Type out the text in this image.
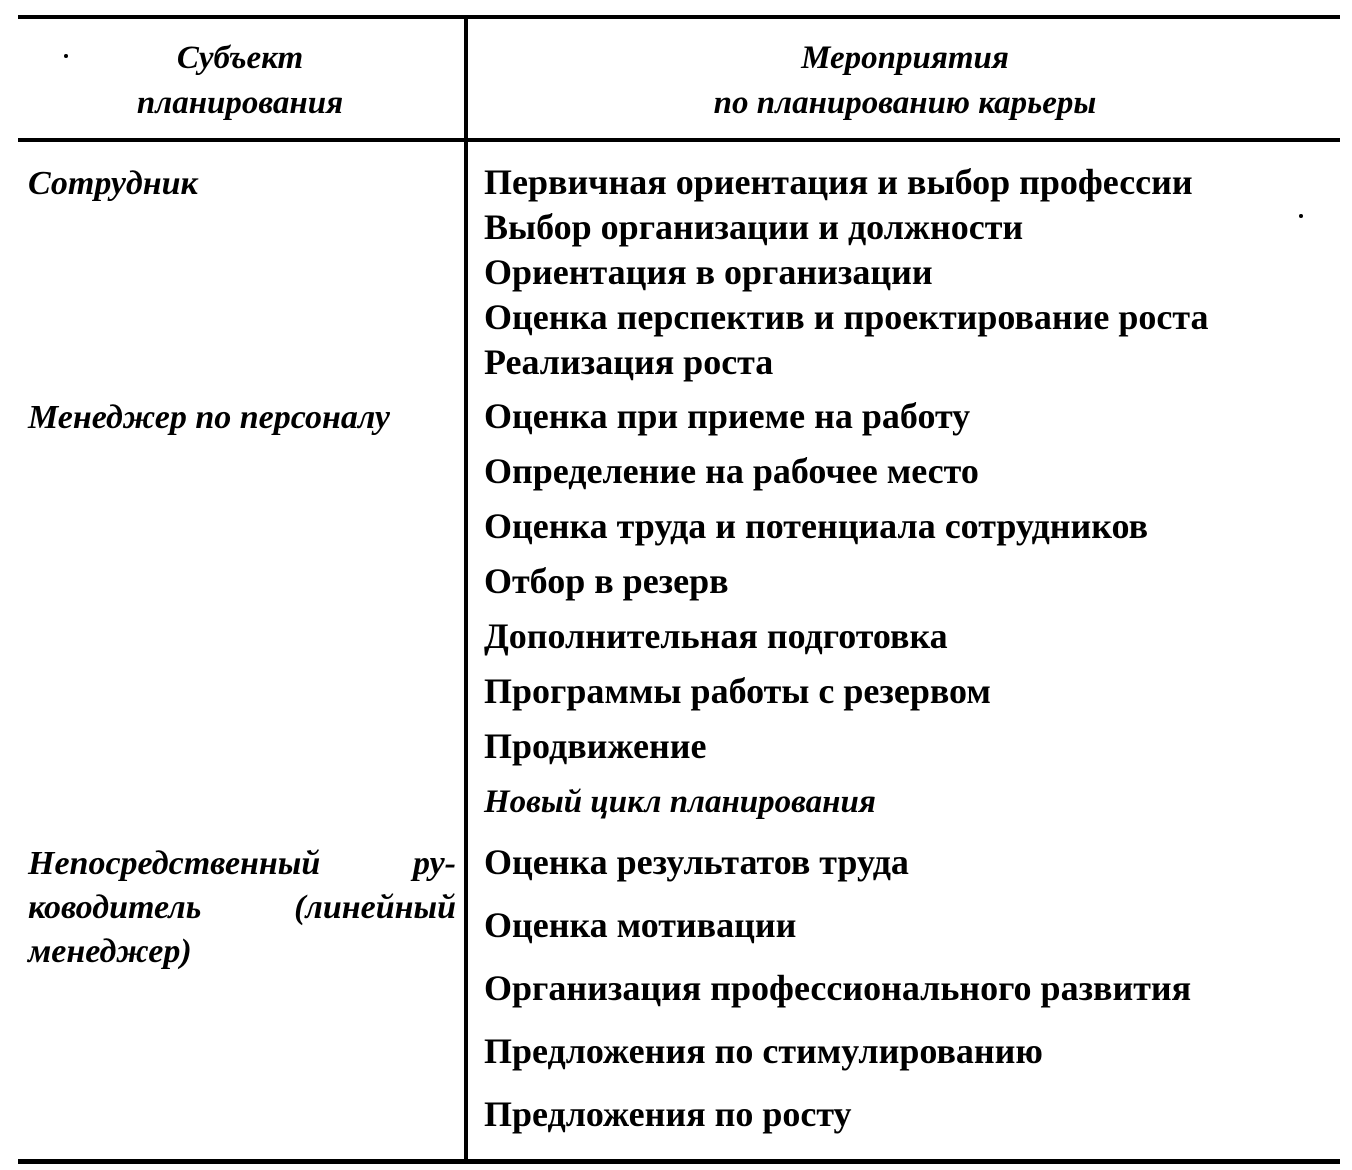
Субъект
планирования
Мероприятия
по планированию карьеры
Сотрудник
Менеджер по персоналу
Непосредственный ру-
ководитель (линейный
менеджер)
Первичная ориентация и выбор профессии
Выбор организации и должности
Ориентация в организации
Оценка перспектив и проектирование роста
Реализация роста
Оценка при приеме на работу
Определение на рабочее место
Оценка труда и потенциала сотрудников
Отбор в резерв
Дополнительная подготовка
Программы работы с резервом
Продвижение
Новый цикл планирования
Оценка результатов труда
Оценка мотивации
Организация профессионального развития
Предложения по стимулированию
Предложения по росту
